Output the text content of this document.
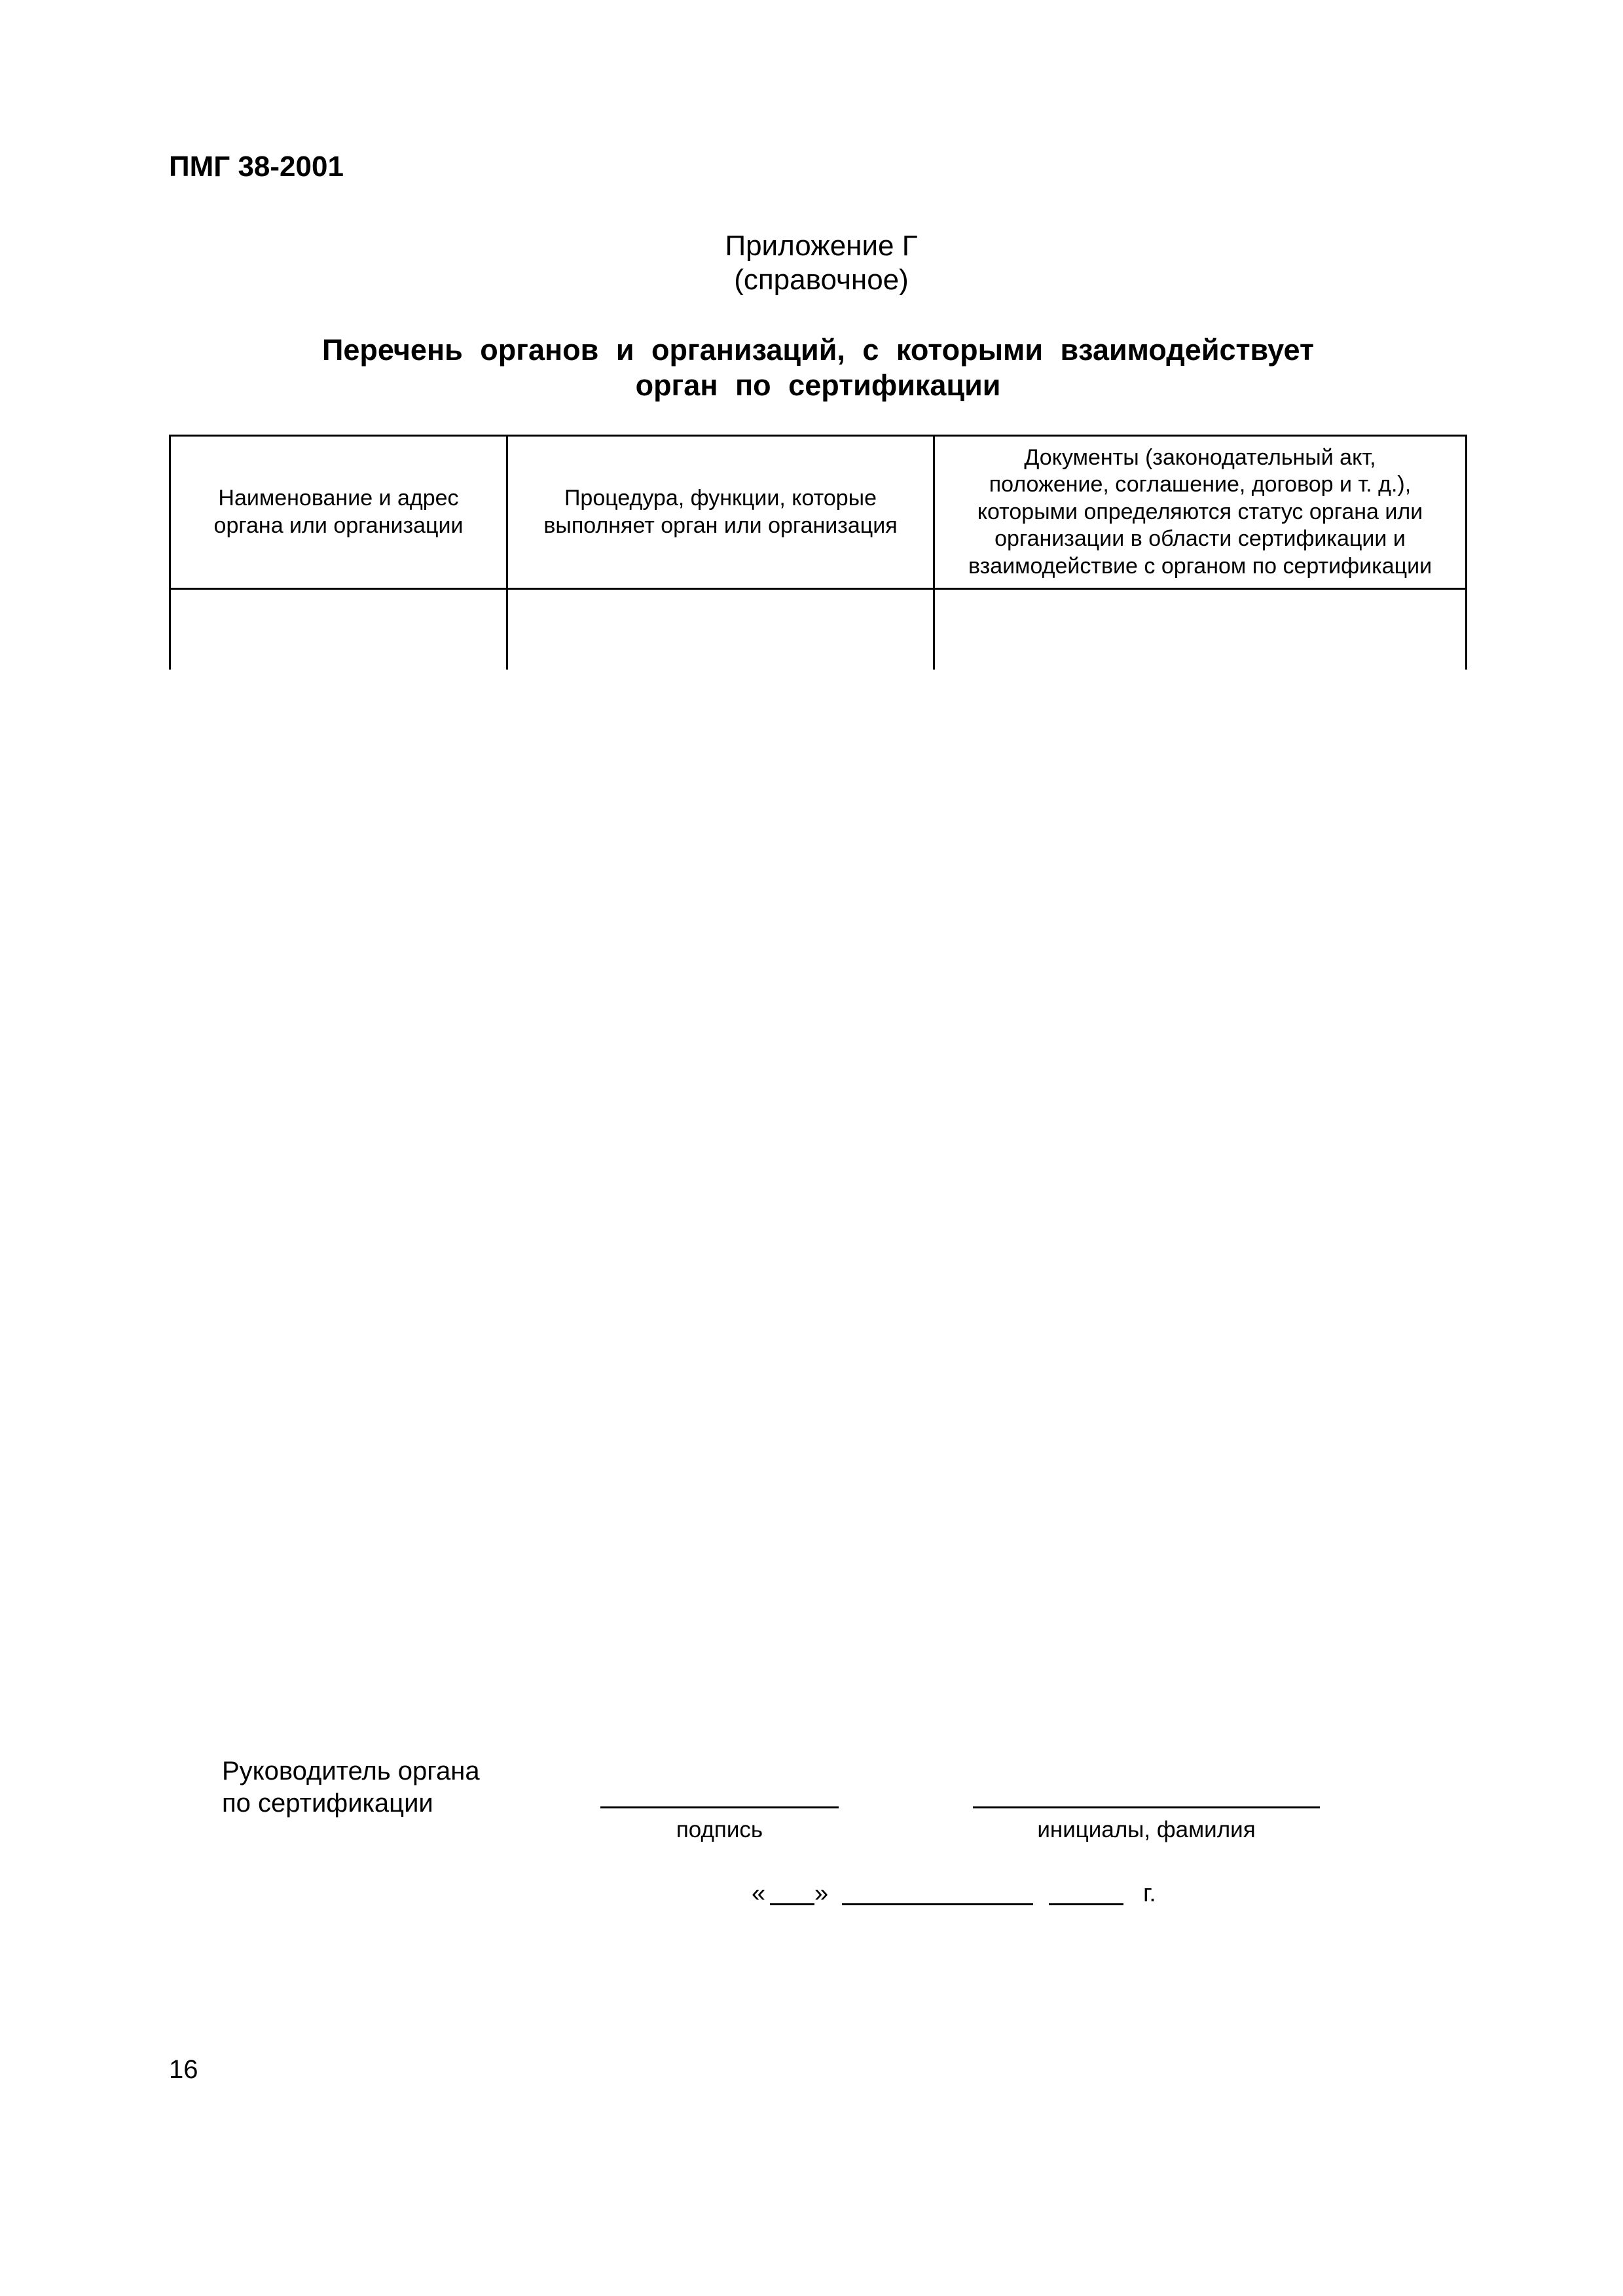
ПМГ 38-2001
Приложение Г
(справочное)
Перечень органов и организаций, с которыми взаимодействует
орган по сертификации
Наименование и адрес
органа или организации
Процедура, функции, которые
выполняет орган или организация
Документы (законодательный акт,
положение, соглашение, договор и т. д.),
которыми определяются статус органа или
организации в области сертификации и
взаимодействие с органом по сертификации
Руководитель органа
по сертификации
подпись	инициалы, фамилия
« »	г.
16
